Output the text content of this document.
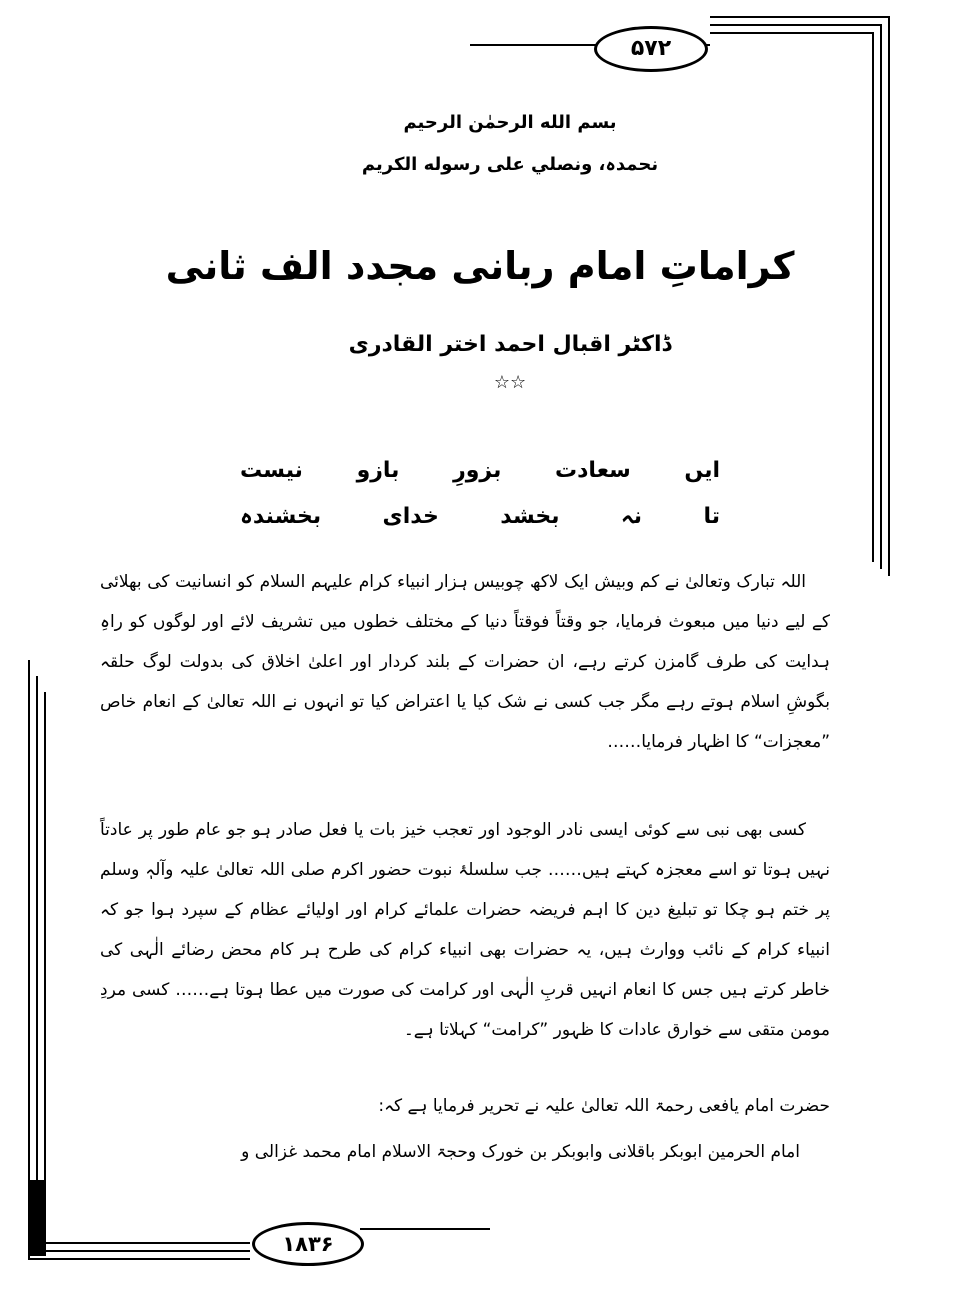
۵۷۲
۱۸۳۶
بسم الله الرحمٰن الرحيم
نحمدہ، ونصلي على رسوله الكريم
کراماتِ امام ربانی مجدد الف ثانی
ڈاکٹر اقبال احمد اختر القادری
☆☆
ایں
سعادت
بزورِ
بازو
نیست
تا
نہ
بخشد
خدای
بخشندہ
اللہ تبارک وتعالیٰ نے کم وبیش ایک لاکھ چوبیس ہزار انبیاء کرام علیہم السلام کو انسانیت کی بھلائی کے لیے دنیا میں مبعوث فرمایا، جو وقتاً فوقتاً دنیا کے مختلف خطوں میں تشریف لائے اور لوگوں کو راہِ ہدایت کی طرف گامزن کرتے رہے، ان حضرات کے بلند کردار اور اعلیٰ اخلاق کی بدولت لوگ حلقہ بگوشِ اسلام ہوتے رہے مگر جب کسی نے شک کیا یا اعتراض کیا تو انہوں نے اللہ تعالیٰ کے انعام خاص ”معجزات“ کا اظہار فرمایا……
کسی بھی نبی سے کوئی ایسی نادر الوجود اور تعجب خیز بات یا فعل صادر ہو جو عام طور پر عادتاً نہیں ہوتا تو اسے معجزہ کہتے ہیں…… جب سلسلۂ نبوت حضور اکرم صلی اللہ تعالیٰ علیہ وآلہٖ وسلم پر ختم ہو چکا تو تبلیغ دین کا اہم فریضہ حضرات علمائے کرام اور اولیائے عظام کے سپرد ہوا جو کہ انبیاء کرام کے نائب ووارث ہیں، یہ حضرات بھی انبیاء کرام کی طرح ہر کام محض رضائے الٰہی کی خاطر کرتے ہیں جس کا انعام انہیں قربِ الٰہی اور کرامت کی صورت میں عطا ہوتا ہے…… کسی مردِ مومن متقی سے خوارق عادات کا ظہور ”کرامت“ کہلاتا ہے۔
حضرت امام یافعی رحمۃ اللہ تعالیٰ علیہ نے تحریر فرمایا ہے کہ:
امام الحرمین ابوبکر باقلانی وابوبکر بن خورک وحجۃ الاسلام امام محمد غزالی و
